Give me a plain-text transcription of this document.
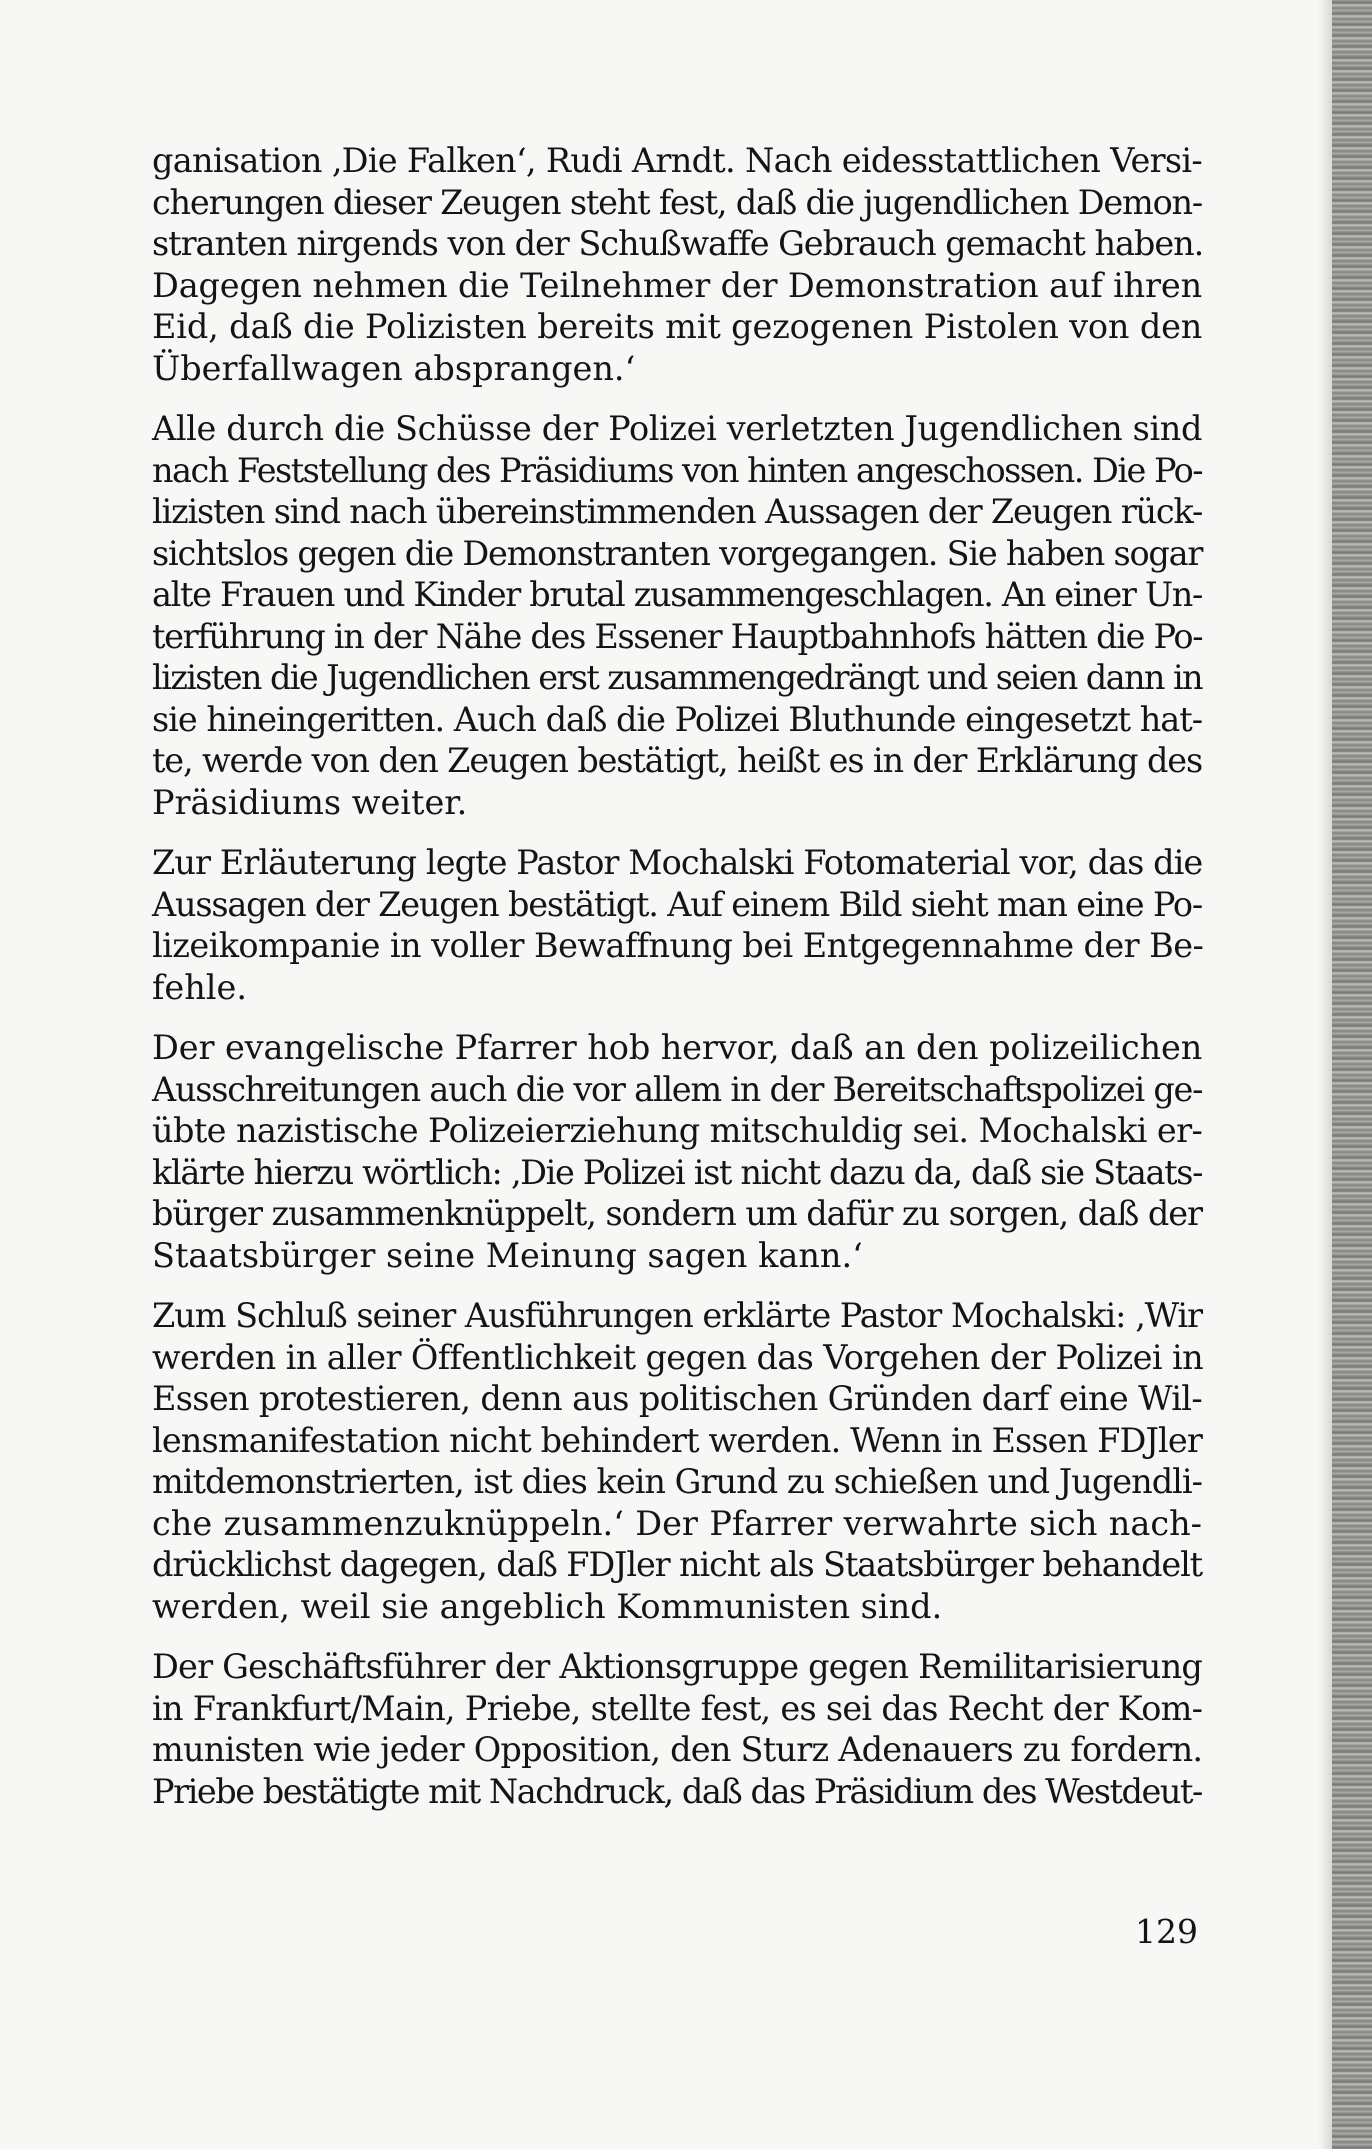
ganisation ‚Die Falken‘, Rudi Arndt. Nach eidesstattlichen Versi-
cherungen dieser Zeugen steht fest, daß die jugendlichen Demon-
stranten nirgends von der Schußwaffe Gebrauch gemacht haben.
Dagegen nehmen die Teilnehmer der Demonstration auf ihren
Eid, daß die Polizisten bereits mit gezogenen Pistolen von den
Überfallwagen absprangen.‘
Alle durch die Schüsse der Polizei verletzten Jugendlichen sind
nach Feststellung des Präsidiums von hinten angeschossen. Die Po-
lizisten sind nach übereinstimmenden Aussagen der Zeugen rück-
sichtslos gegen die Demonstranten vorgegangen. Sie haben sogar
alte Frauen und Kinder brutal zusammengeschlagen. An einer Un-
terführung in der Nähe des Essener Hauptbahnhofs hätten die Po-
lizisten die Jugendlichen erst zusammengedrängt und seien dann in
sie hineingeritten. Auch daß die Polizei Bluthunde eingesetzt hat-
te, werde von den Zeugen bestätigt, heißt es in der Erklärung des
Präsidiums weiter.
Zur Erläuterung legte Pastor Mochalski Fotomaterial vor, das die
Aussagen der Zeugen bestätigt. Auf einem Bild sieht man eine Po-
lizeikompanie in voller Bewaffnung bei Entgegennahme der Be-
fehle.
Der evangelische Pfarrer hob hervor, daß an den polizeilichen
Ausschreitungen auch die vor allem in der Bereitschaftspolizei ge-
übte nazistische Polizeierziehung mitschuldig sei. Mochalski er-
klärte hierzu wörtlich: ‚Die Polizei ist nicht dazu da, daß sie Staats-
bürger zusammenknüppelt, sondern um dafür zu sorgen, daß der
Staatsbürger seine Meinung sagen kann.‘
Zum Schluß seiner Ausführungen erklärte Pastor Mochalski: ‚Wir
werden in aller Öffentlichkeit gegen das Vorgehen der Polizei in
Essen protestieren, denn aus politischen Gründen darf eine Wil-
lensmanifestation nicht behindert werden. Wenn in Essen FDJler
mitdemonstrierten, ist dies kein Grund zu schießen und Jugendli-
che zusammenzuknüppeln.‘ Der Pfarrer verwahrte sich nach-
drücklichst dagegen, daß FDJler nicht als Staatsbürger behandelt
werden, weil sie angeblich Kommunisten sind.
Der Geschäftsführer der Aktionsgruppe gegen Remilitarisierung
in Frankfurt/Main, Priebe, stellte fest, es sei das Recht der Kom-
munisten wie jeder Opposition, den Sturz Adenauers zu fordern.
Priebe bestätigte mit Nachdruck, daß das Präsidium des Westdeut-
129
